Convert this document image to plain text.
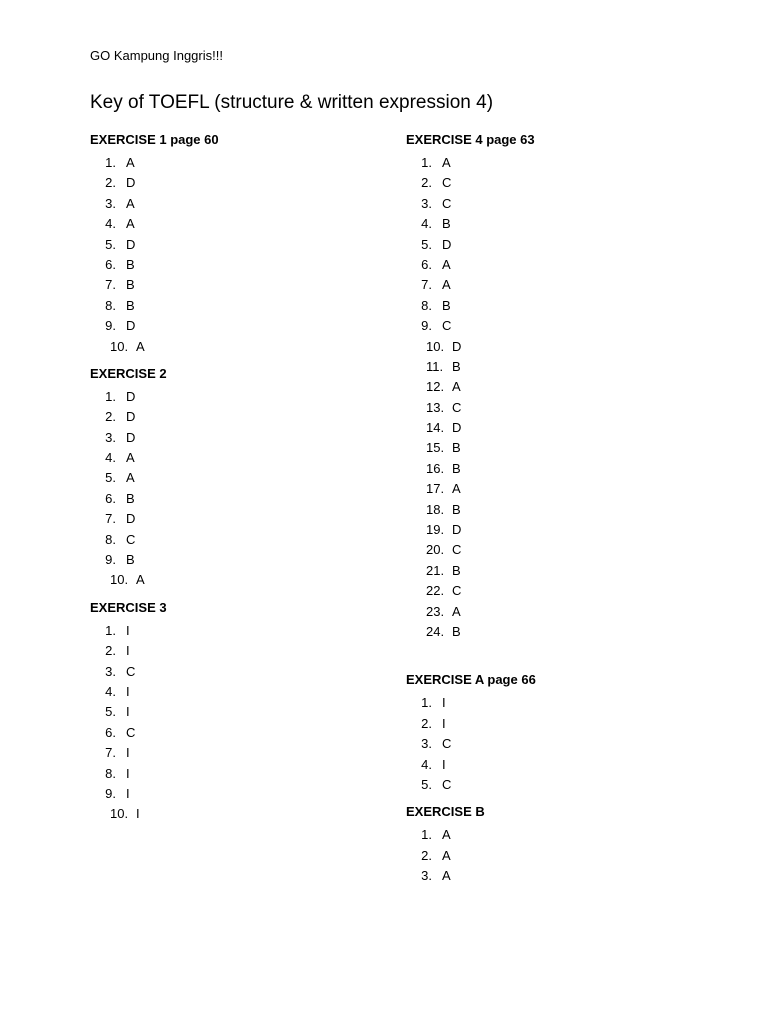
GO Kampung Inggris!!!
Key of TOEFL (structure & written expression 4)
EXERCISE 1 page 60
1. A
2. D
3. A
4. A
5. D
6. B
7. B
8. B
9. D
10. A
EXERCISE 2
1. D
2. D
3. D
4. A
5. A
6. B
7. D
8. C
9. B
10. A
EXERCISE 3
1. I
2. I
3. C
4. I
5. I
6. C
7. I
8. I
9. I
10. I
EXERCISE 4 page 63
1. A
2. C
3. C
4. B
5. D
6. A
7. A
8. B
9. C
10. D
11. B
12. A
13. C
14. D
15. B
16. B
17. A
18. B
19. D
20. C
21. B
22. C
23. A
24. B
EXERCISE A page 66
1. I
2. I
3. C
4. I
5. C
EXERCISE B
1. A
2. A
3. A
